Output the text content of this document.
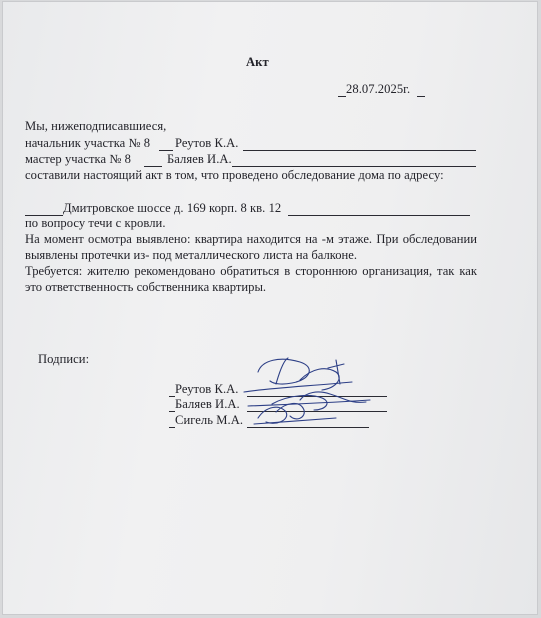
Акт
28.07.2025г.
Мы, нижеподписавшиеся,
начальник участка № 8 Реутов К.А.
мастер участка № 8	Баляев И.А.
составили настоящий акт в том, что проведено обследование дома по адресу:
Дмитровское шоссе д. 169 корп. 8 кв. 12
по вопросу течи с кровли.
На момент осмотра выявлено: квартира находится на -м этаже. При обследовании выявлены протечки из- под металлического листа на балконе.
Требуется: жителю рекомендовано обратиться в стороннюю организация, так как это ответственность собственника квартиры.
Подписи:
Реутов К.А.
Баляев И.А.
Сигель М.А.
